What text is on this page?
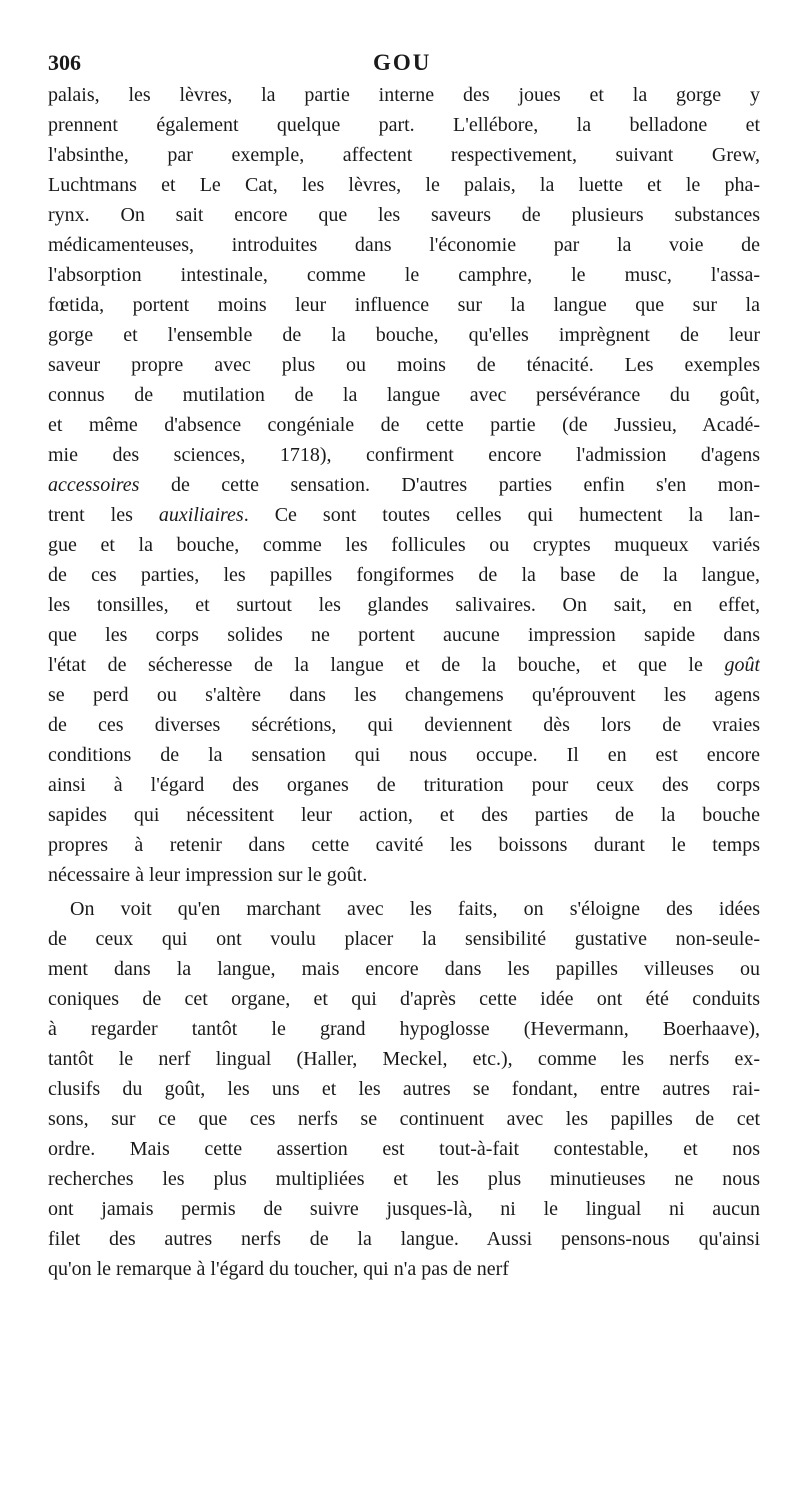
306	GOU
palais, les lèvres, la partie interne des joues et la gorge y
prennent également quelque part. L'ellébore, la belladone et
l'absinthe, par exemple, affectent respectivement, suivant Grew,
Luchtmans et Le Cat, les lèvres, le palais, la luette et le pha-
rynx. On sait encore que les saveurs de plusieurs substances
médicamenteuses, introduites dans l'économie par la voie de
l'absorption intestinale, comme le camphre, le musc, l'assa-
fœtida, portent moins leur influence sur la langue que sur la
gorge et l'ensemble de la bouche, qu'elles imprègnent de leur
saveur propre avec plus ou moins de ténacité. Les exemples
connus de mutilation de la langue avec persévérance du goût,
et même d'absence congéniale de cette partie (de Jussieu, Acadé-
mie des sciences, 1718), confirment encore l'admission d'agens
accessoires de cette sensation. D'autres parties enfin s'en mon-
trent les auxiliaires. Ce sont toutes celles qui humectent la lan-
gue et la bouche, comme les follicules ou cryptes muqueux variés
de ces parties, les papilles fongiformes de la base de la langue,
les tonsilles, et surtout les glandes salivaires. On sait, en effet,
que les corps solides ne portent aucune impression sapide dans
l'état de sécheresse de la langue et de la bouche, et que le goût
se perd ou s'altère dans les changemens qu'éprouvent les agens
de ces diverses sécrétions, qui deviennent dès lors de vraies
conditions de la sensation qui nous occupe. Il en est encore
ainsi à l'égard des organes de trituration pour ceux des corps
sapides qui nécessitent leur action, et des parties de la bouche
propres à retenir dans cette cavité les boissons durant le temps
nécessaire à leur impression sur le goût.
On voit qu'en marchant avec les faits, on s'éloigne des idées
de ceux qui ont voulu placer la sensibilité gustative non-seule-
ment dans la langue, mais encore dans les papilles villeuses ou
coniques de cet organe, et qui d'après cette idée ont été conduits
à regarder tantôt le grand hypoglosse (Hevermann, Boerhaave),
tantôt le nerf lingual (Haller, Meckel, etc.), comme les nerfs ex-
clusifs du goût, les uns et les autres se fondant, entre autres rai-
sons, sur ce que ces nerfs se continuent avec les papilles de cet
ordre. Mais cette assertion est tout-à-fait contestable, et nos
recherches les plus multipliées et les plus minutieuses ne nous
ont jamais permis de suivre jusques-là, ni le lingual ni aucun
filet des autres nerfs de la langue. Aussi pensons-nous qu'ainsi
qu'on le remarque à l'égard du toucher, qui n'a pas de nerf
